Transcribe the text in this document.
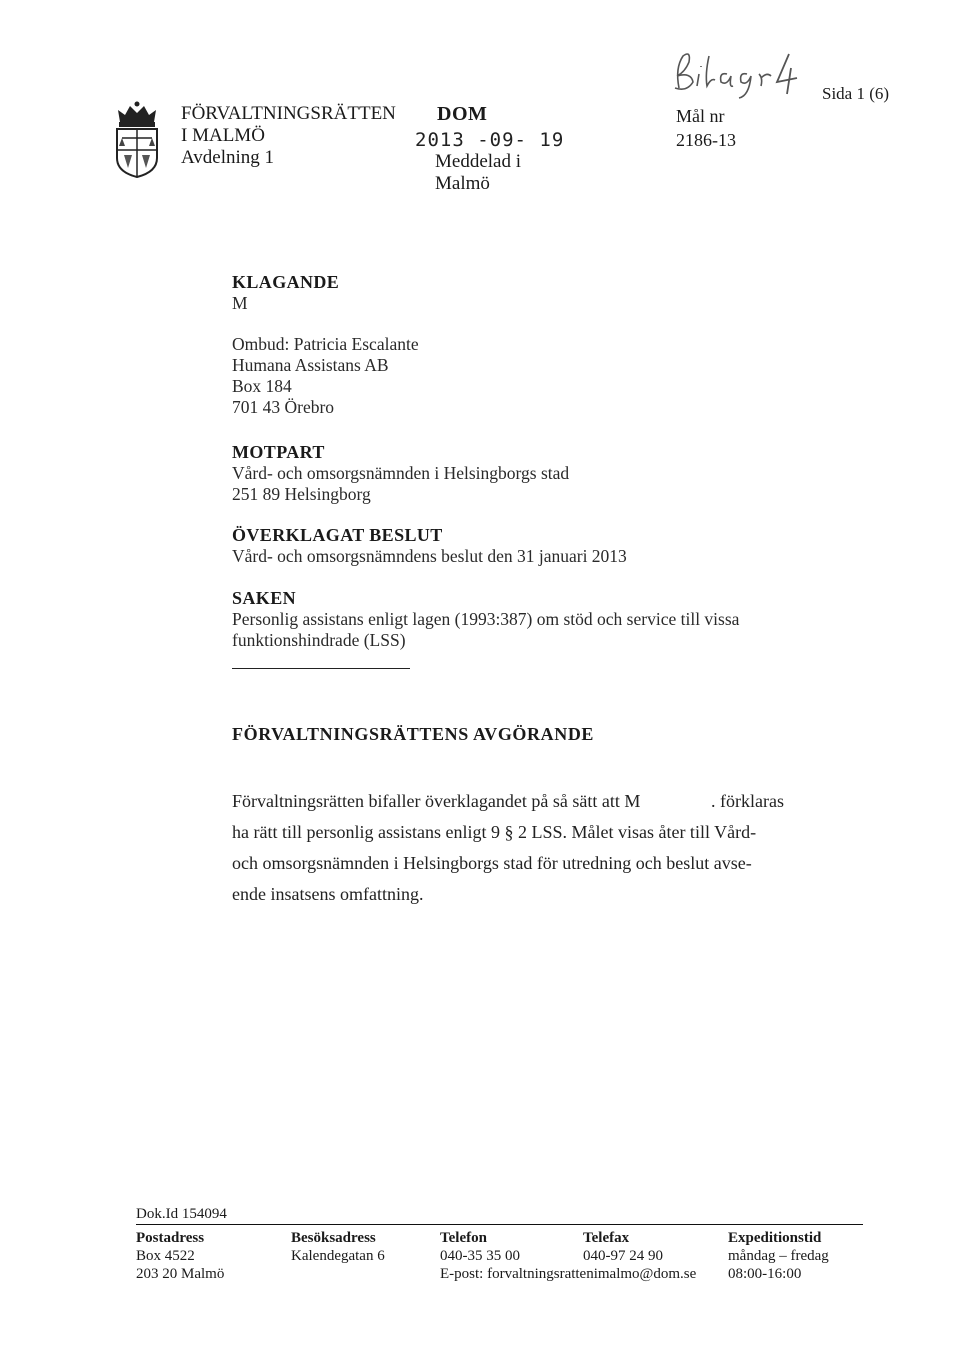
FÖRVALTNINGSRÄTTEN
I MALMÖ
Avdelning 1
DOM
2013 -09- 19
Meddelad i
Malmö
Mål nr
2186-13
Sida 1 (6)
KLAGANDE
M
Ombud: Patricia Escalante
Humana Assistans AB
Box 184
701 43 Örebro
MOTPART
Vård- och omsorgsnämnden i Helsingborgs stad
251 89 Helsingborg
ÖVERKLAGAT BESLUT
Vård- och omsorgsnämndens beslut den 31 januari 2013
SAKEN
Personlig assistans enligt lagen (1993:387) om stöd och service till vissa
funktionshindrade (LSS)
FÖRVALTNINGSRÄTTENS AVGÖRANDE
Förvaltningsrätten bifaller överklagandet på så sätt att M	. förklaras
ha rätt till personlig assistans enligt 9 § 2 LSS. Målet visas åter till Vård-
och omsorgsnämnden i Helsingborgs stad för utredning och beslut avse-
ende insatsens omfattning.
Dok.Id 154094
Postadress
Box 4522
203 20 Malmö
Besöksadress
Kalendegatan 6
Telefon
040-35 35 00
E-post: forvaltningsrattenimalmo@dom.se
Telefax
040-97 24 90
Expeditionstid
måndag – fredag
08:00-16:00
